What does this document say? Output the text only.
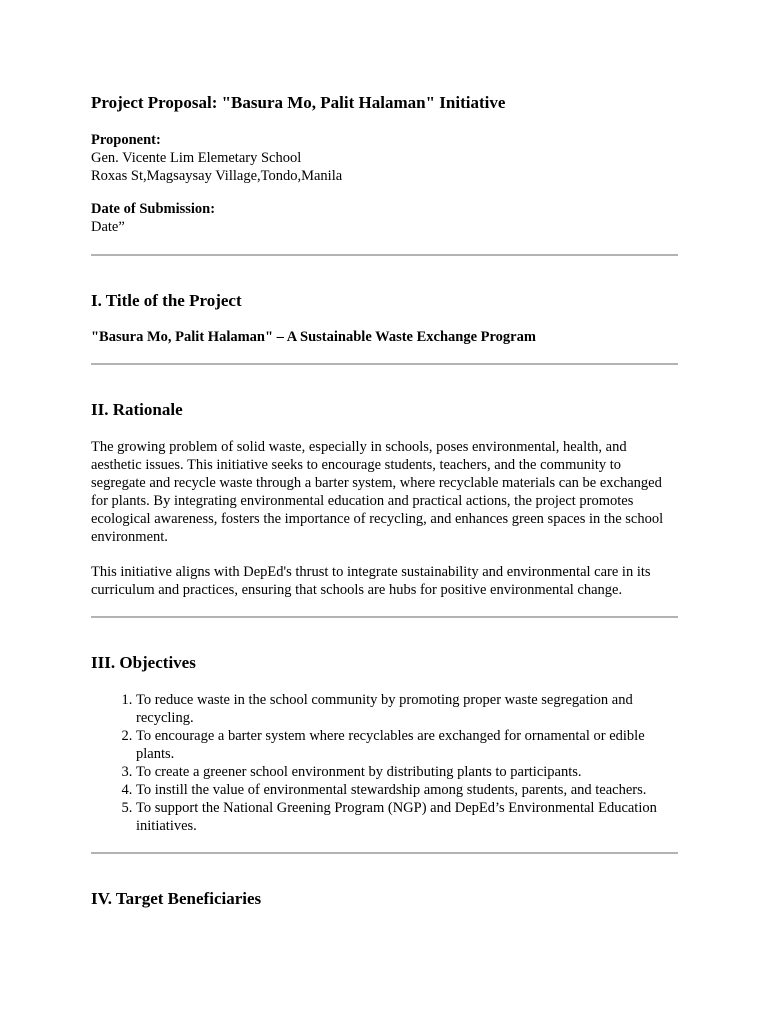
Project Proposal: "Basura Mo, Palit Halaman" Initiative

Proponent:

Gen. Vicente Lim Elemetary School

Roxas St,Magsaysay Village,Tondo,Manila

Date of Submission:

Date”

I. Title of the Project

"Basura Mo, Palit Halaman" – A Sustainable Waste Exchange Program

II. Rationale

The growing problem of solid waste, especially in schools, poses environmental, health, and aesthetic issues. This initiative seeks to encourage students, teachers, and the community to segregate and recycle waste through a barter system, where recyclable materials can be exchanged for plants. By integrating environmental education and practical actions, the project promotes ecological awareness, fosters the importance of recycling, and enhances green spaces in the school environment.

This initiative aligns with DepEd's thrust to integrate sustainability and environmental care in its curriculum and practices, ensuring that schools are hubs for positive environmental change.

III. Objectives
1. To reduce waste in the school community by promoting proper waste segregation and recycling.
2. To encourage a barter system where recyclables are exchanged for ornamental or edible plants.
3. To create a greener school environment by distributing plants to participants.
4. To instill the value of environmental stewardship among students, parents, and teachers.
5. To support the National Greening Program (NGP) and DepEd’s Environmental Education initiatives.
IV. Target Beneficiaries
